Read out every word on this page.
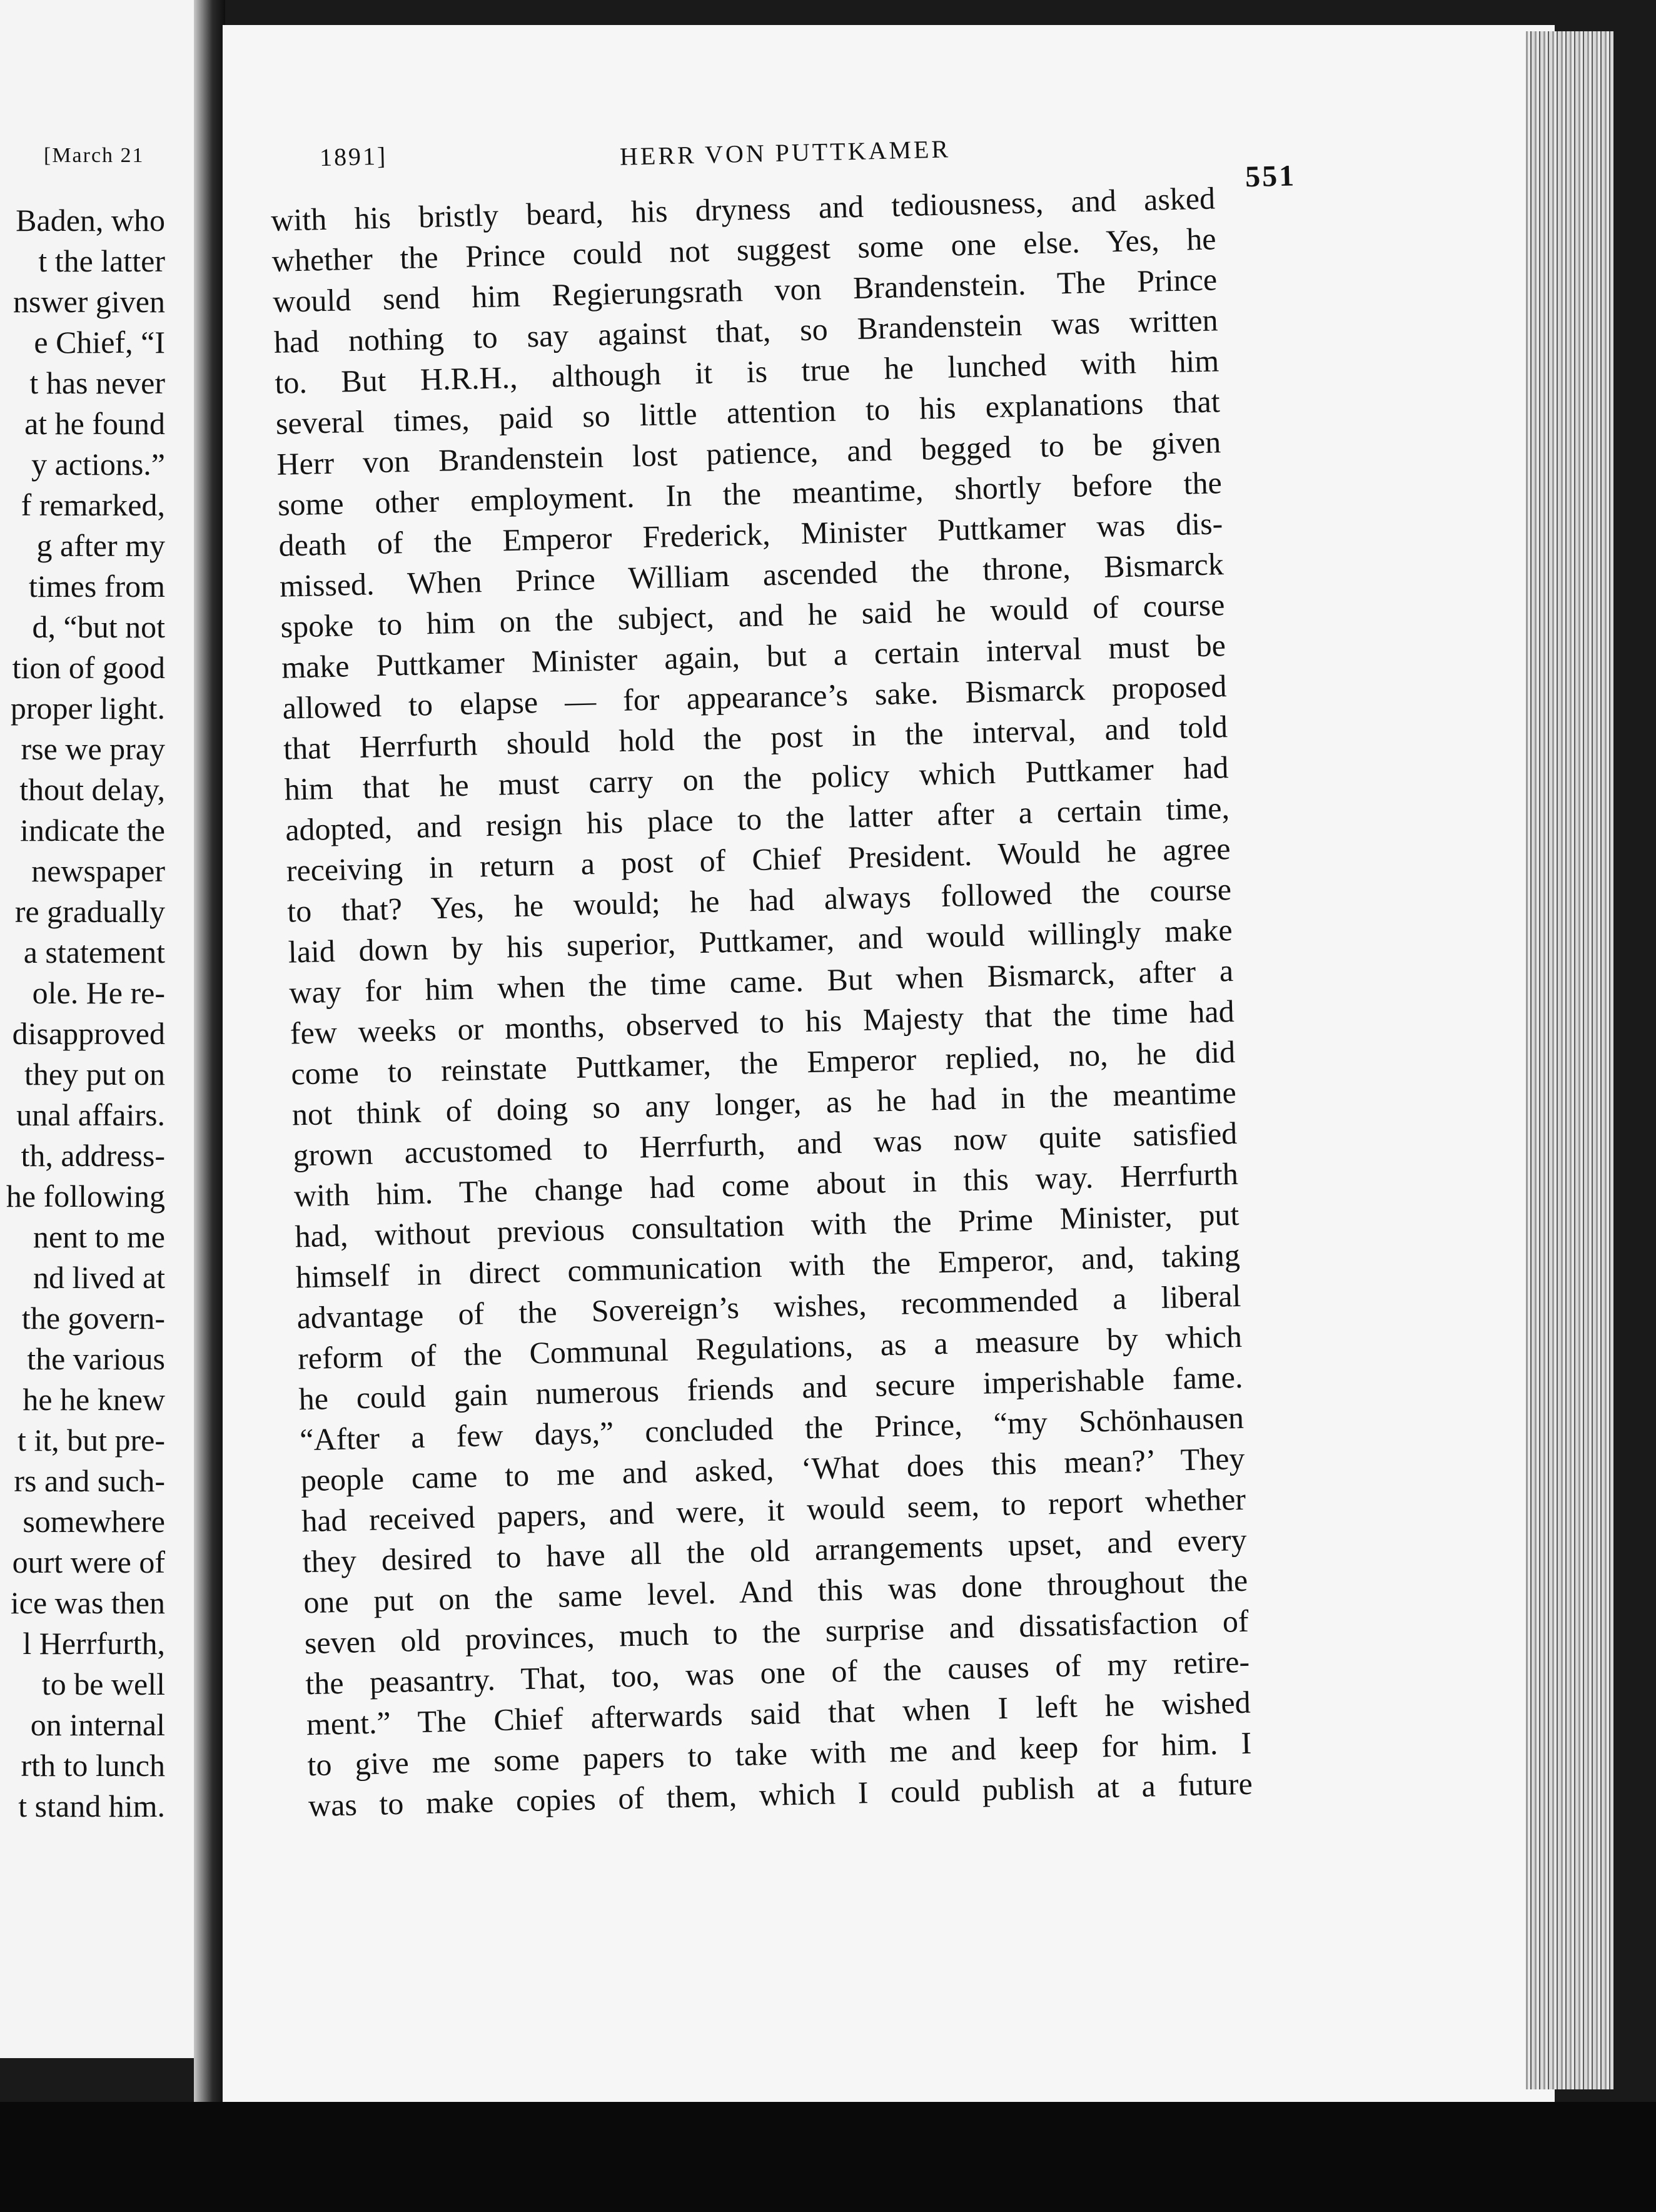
[March 21
Baden, who
t the latter
nswer given
e Chief, “I
t has never
at he found
y actions.”
f remarked,
g after my
times from
d, “but not
tion of good
proper light.
rse we pray
thout delay,
indicate the
newspaper
re gradually
a statement
ole. He re-
disapproved
they put on
unal affairs.
th, address-
he following
nent to me
nd lived at
the govern-
the various
he he knew
t it, but pre-
rs and such-
somewhere
ourt were of
ice was then
l Herrfurth,
to be well
on internal
rth to lunch
t stand him.
1891]	HERR VON PUTTKAMER
551
with his bristly beard, his dryness and tediousness, and asked
whether the Prince could not suggest some one else. Yes, he
would send him Regierungsrath von Brandenstein. The Prince
had nothing to say against that, so Brandenstein was written
to. But H.R.H., although it is true he lunched with him
several times, paid so little attention to his explanations that
Herr von Brandenstein lost patience, and begged to be given
some other employment. In the meantime, shortly before the
death of the Emperor Frederick, Minister Puttkamer was dis-
missed. When Prince William ascended the throne, Bismarck
spoke to him on the subject, and he said he would of course
make Puttkamer Minister again, but a certain interval must be
allowed to elapse — for appearance’s sake. Bismarck proposed
that Herrfurth should hold the post in the interval, and told
him that he must carry on the policy which Puttkamer had
adopted, and resign his place to the latter after a certain time,
receiving in return a post of Chief President. Would he agree
to that? Yes, he would; he had always followed the course
laid down by his superior, Puttkamer, and would willingly make
way for him when the time came. But when Bismarck, after a
few weeks or months, observed to his Majesty that the time had
come to reinstate Puttkamer, the Emperor replied, no, he did
not think of doing so any longer, as he had in the meantime
grown accustomed to Herrfurth, and was now quite satisfied
with him. The change had come about in this way. Herrfurth
had, without previous consultation with the Prime Minister, put
himself in direct communication with the Emperor, and, taking
advantage of the Sovereign’s wishes, recommended a liberal
reform of the Communal Regulations, as a measure by which
he could gain numerous friends and secure imperishable fame.
“After a few days,” concluded the Prince, “my Schönhausen
people came to me and asked, ‘What does this mean?’ They
had received papers, and were, it would seem, to report whether
they desired to have all the old arrangements upset, and every
one put on the same level. And this was done throughout the
seven old provinces, much to the surprise and dissatisfaction of
the peasantry. That, too, was one of the causes of my retire-
ment.” The Chief afterwards said that when I left he wished
to give me some papers to take with me and keep for him. I
was to make copies of them, which I could publish at a future
